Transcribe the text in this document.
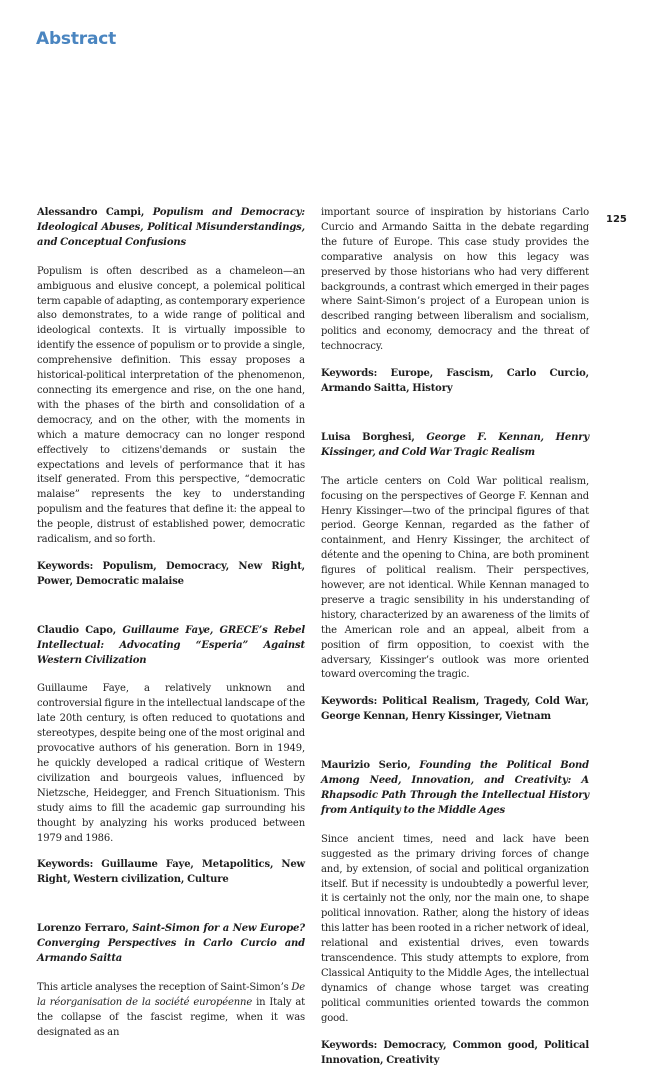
Abstract
125

Alessandro Campi, Populism and Democracy: Ideological Abuses, Political Misunderstandings, and Conceptual Confusions

Populism is often described as a chameleon—an ambiguous and elusive concept, a polemical political term capable of adapting, as contemporary experience also demonstrates, to a wide range of political and ideological contexts. It is virtually impossible to identify the essence of populism or to provide a single, comprehensive definition. This essay proposes a historical-political interpretation of the phenomenon, connecting its emergence and rise, on the one hand, with the phases of the birth and consolidation of a democracy, and on the other, with the moments in which a mature democracy can no longer respond effectively to citizens'demands or sustain the expectations and levels of performance that it has itself generated. From this perspective, “democratic malaise” represents the key to understanding populism and the features that define it: the appeal to the people, distrust of established power, democratic radicalism, and so forth.

Keywords: Populism, Democracy, New Right, Power, Democratic malaise

Claudio Capo, Guillaume Faye, GRECE’s Rebel Intellectual: Advocating “Esperia” Against Western Civilization

Guillaume Faye, a relatively unknown and controversial figure in the intellectual landscape of the late 20th century, is often reduced to quotations and stereotypes, despite being one of the most original and provocative authors of his generation. Born in 1949, he quickly developed a radical critique of Western civilization and bourgeois values, influenced by Nietzsche, Heidegger, and French Situationism. This study aims to fill the academic gap surrounding his thought by analyzing his works produced between 1979 and 1986.

Keywords: Guillaume Faye, Metapolitics, New Right, Western civilization, Culture

Lorenzo Ferraro, Saint-Simon for a New Europe? Converging Perspectives in Carlo Curcio and Armando Saitta

This article analyses the reception of Saint-Simon’s De la réorganisation de la société européenne in Italy at the collapse of the fascist regime, when it was designated as an

important source of inspiration by historians Carlo Curcio and Armando Saitta in the debate regarding the future of Europe. This case study provides the comparative analysis on how this legacy was preserved by those historians who had very different backgrounds, a contrast which emerged in their pages where Saint-Simon’s project of a European union is described ranging between liberalism and socialism, politics and economy, democracy and the threat of technocracy.

Keywords: Europe, Fascism, Carlo Curcio, Armando Saitta, History

Luisa Borghesi, George F. Kennan, Henry Kissinger, and Cold War Tragic Realism

The article centers on Cold War political realism, focusing on the perspectives of George F. Kennan and Henry Kissinger—two of the principal figures of that period. George Kennan, regarded as the father of containment, and Henry Kissinger, the architect of détente and the opening to China, are both prominent figures of political realism. Their perspectives, however, are not identical. While Kennan managed to preserve a tragic sensibility in his understanding of history, characterized by an awareness of the limits of the American role and an appeal, albeit from a position of firm opposition, to coexist with the adversary, Kissinger’s outlook was more oriented toward overcoming the tragic.

Keywords: Political Realism, Tragedy, Cold War, George Kennan, Henry Kissinger, Vietnam

Maurizio Serio, Founding the Political Bond Among Need, Innovation, and Creativity: A Rhapsodic Path Through the Intellectual History from Antiquity to the Middle Ages

Since ancient times, need and lack have been suggested as the primary driving forces of change and, by extension, of social and political organization itself. But if necessity is undoubtedly a powerful lever, it is certainly not the only, nor the main one, to shape political innovation. Rather, along the history of ideas this latter has been rooted in a richer network of ideal, relational and existential drives, even towards transcendence. This study attempts to explore, from Classical Antiquity to the Middle Ages, the intellectual dynamics of change whose target was creating political communities oriented towards the common good.

Keywords: Democracy, Common good, Political Innovation, Creativity
